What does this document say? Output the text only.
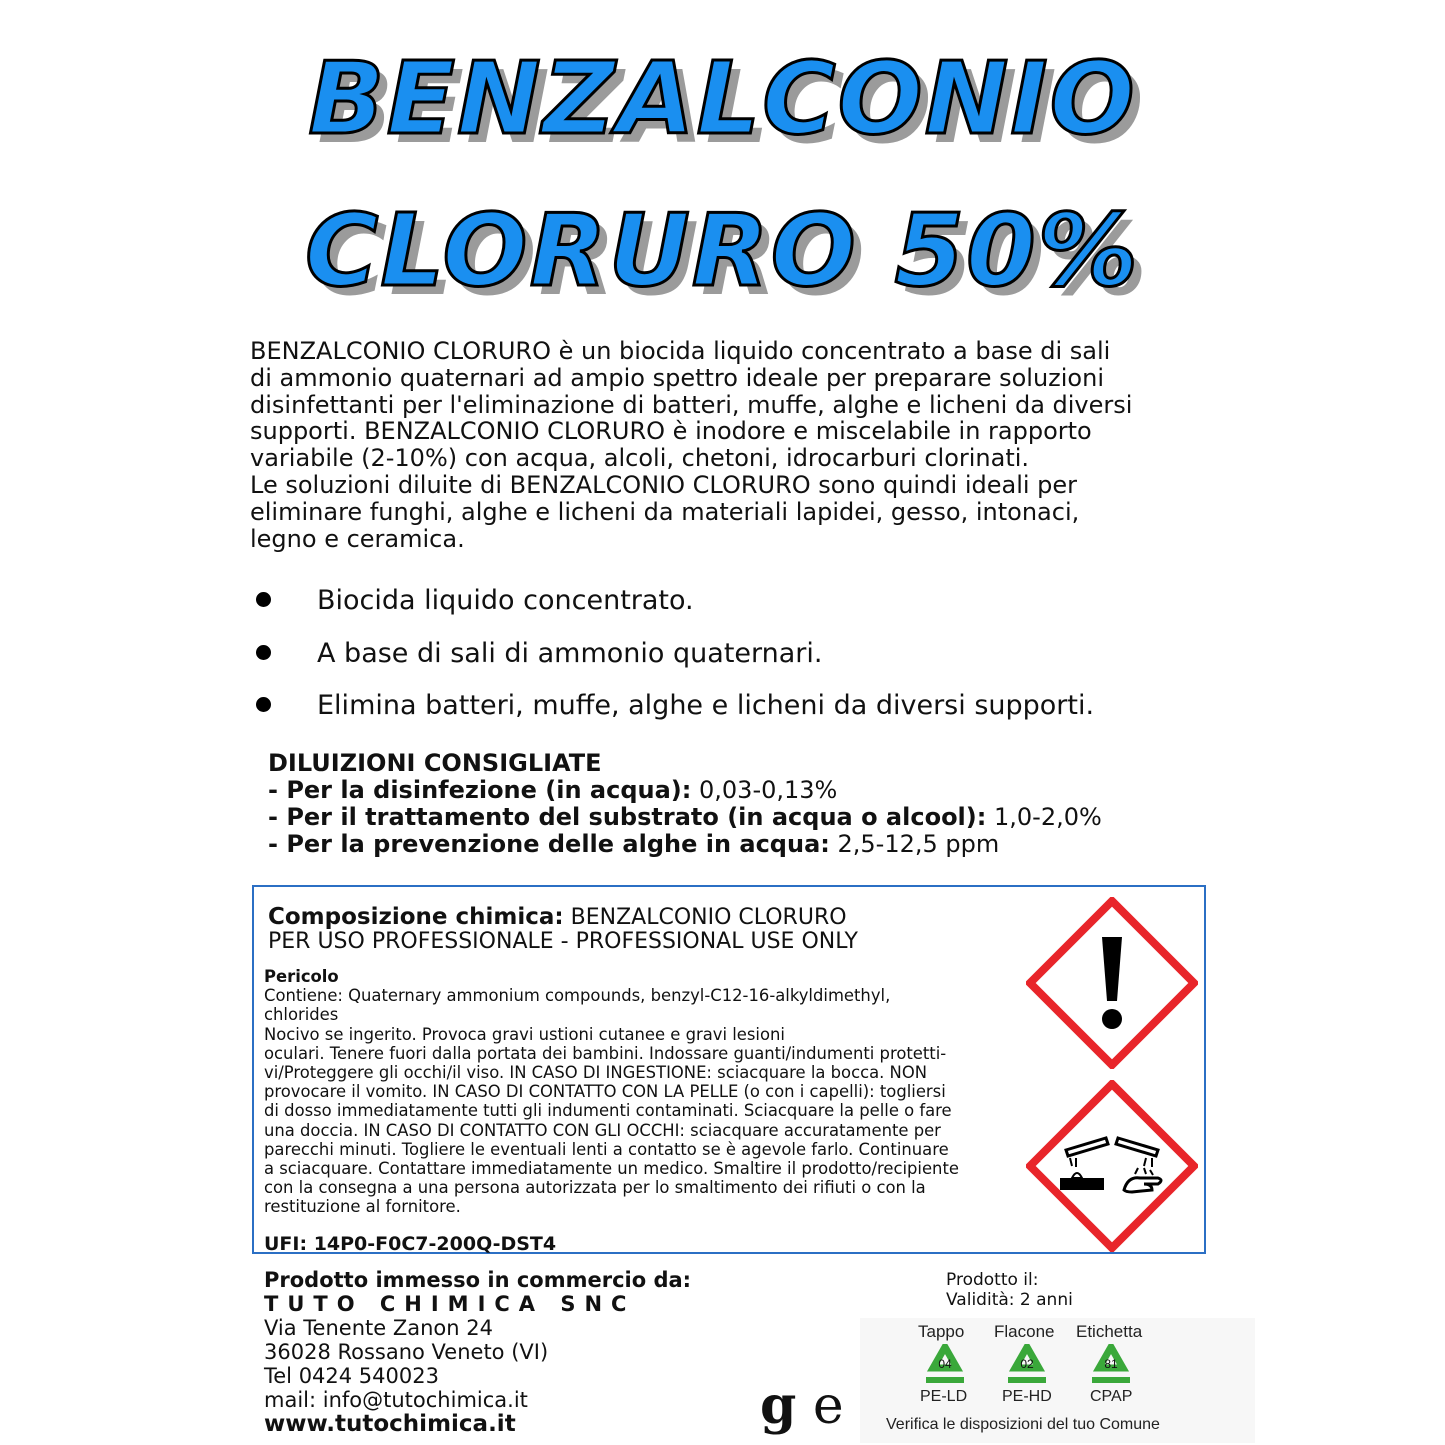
BENZALCONIO
CLORURO 50%
BENZALCONIO CLORURO è un biocida liquido concentrato a base di sali
di ammonio quaternari ad ampio spettro ideale per preparare soluzioni
disinfettanti per l'eliminazione di batteri, muffe, alghe e licheni da diversi
supporti. BENZALCONIO CLORURO è inodore e miscelabile in rapporto
variabile (2-10%) con acqua, alcoli, chetoni, idrocarburi clorinati.
Le soluzioni diluite di BENZALCONIO CLORURO sono quindi ideali per
eliminare funghi, alghe e licheni da materiali lapidei, gesso, intonaci,
legno e ceramica.
Biocida liquido concentrato.
A base di sali di ammonio quaternari.
Elimina batteri, muffe, alghe e licheni da diversi supporti.
DILUIZIONI CONSIGLIATE
- Per la disinfezione (in acqua): 0,03-0,13%
- Per il trattamento del substrato (in acqua o alcool): 1,0-2,0%
- Per la prevenzione delle alghe in acqua: 2,5-12,5 ppm
Composizione chimica: BENZALCONIO CLORURO
PER USO PROFESSIONALE - PROFESSIONAL USE ONLY
Pericolo
Contiene: Quaternary ammonium compounds, benzyl-C12-16-alkyldimethyl,
chlorides
Nocivo se ingerito. Provoca gravi ustioni cutanee e gravi lesioni
oculari. Tenere fuori dalla portata dei bambini. Indossare guanti/indumenti protetti-
vi/Proteggere gli occhi/il viso. IN CASO DI INGESTIONE: sciacquare la bocca. NON
provocare il vomito. IN CASO DI CONTATTO CON LA PELLE (o con i capelli): togliersi
di dosso immediatamente tutti gli indumenti contaminati. Sciacquare la pelle o fare
una doccia. IN CASO DI CONTATTO CON GLI OCCHI: sciacquare accuratamente per
parecchi minuti. Togliere le eventuali lenti a contatto se è agevole farlo. Continuare
a sciacquare. Contattare immediatamente un medico. Smaltire il prodotto/recipiente
con la consegna a una persona autorizzata per lo smaltimento dei rifiuti o con la
restituzione al fornitore.
UFI: 14P0-F0C7-200Q-DST4
Prodotto immesso in commercio da:
TUTO CHIMICA SNC
Via Tenente Zanon 24
36028 Rossano Veneto (VI)
Tel 0424 540023
mail: info@tutochimica.it
www.tutochimica.it
Prodotto il:
Validità: 2 anni
Tappo Flacone Etichetta
04	02	81
PE-LD PE-HD CPAP
Verifica le disposizioni del tuo Comune
g e
